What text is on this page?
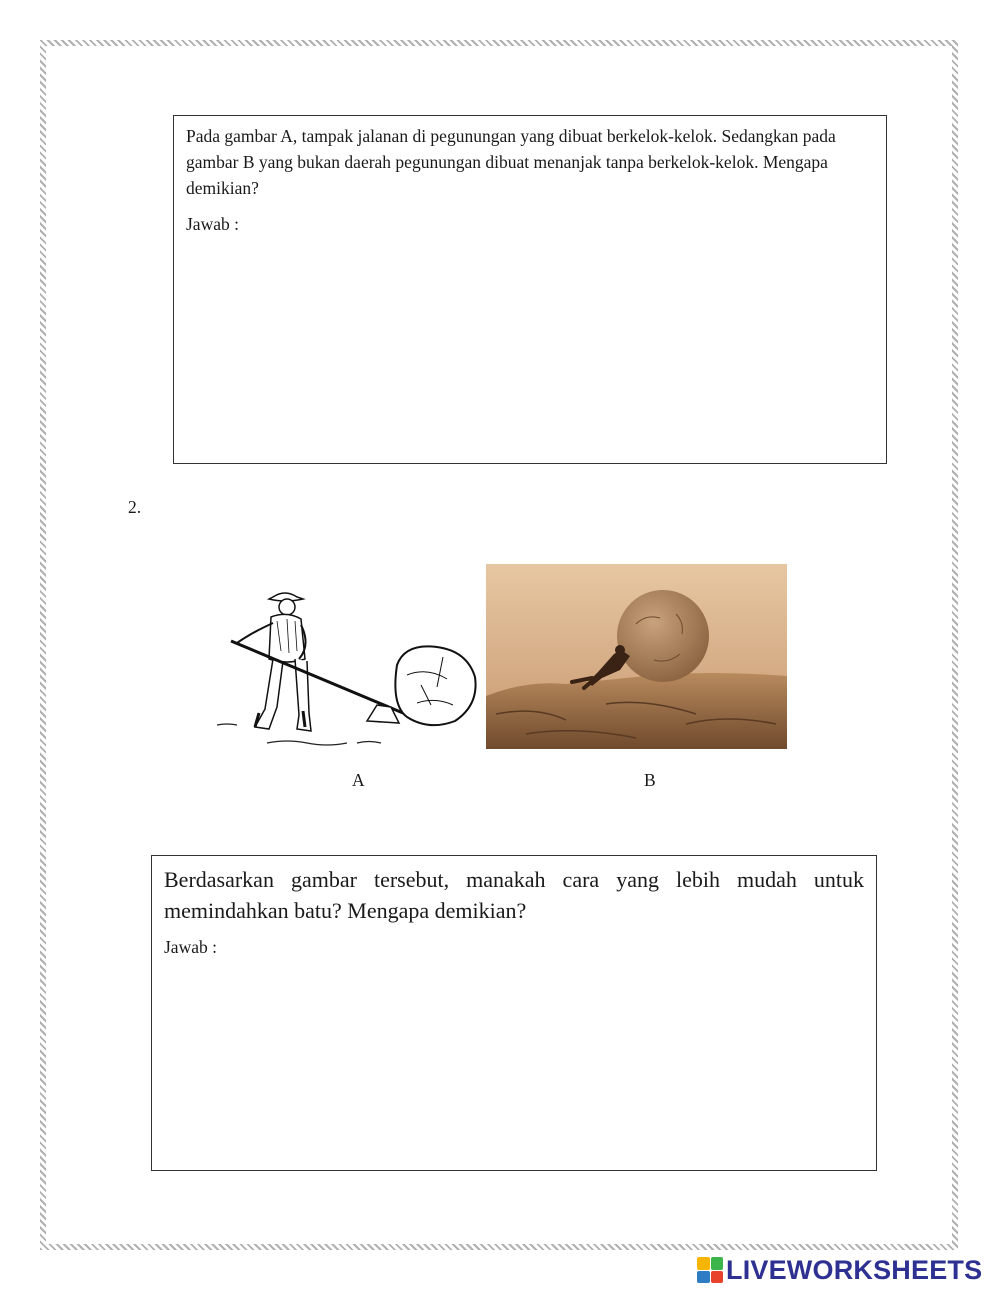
Pada gambar A, tampak jalanan di pegunungan yang dibuat berkelok-kelok. Sedangkan pada gambar B yang bukan daerah pegunungan dibuat menanjak tanpa berkelok-kelok. Mengapa demikian?

Jawab :
2.
A	B

Berdasarkan gambar tersebut, manakah cara yang lebih mudah untuk memindahkan batu? Mengapa demikian?

Jawab :
LIVEWORKSHEETS
